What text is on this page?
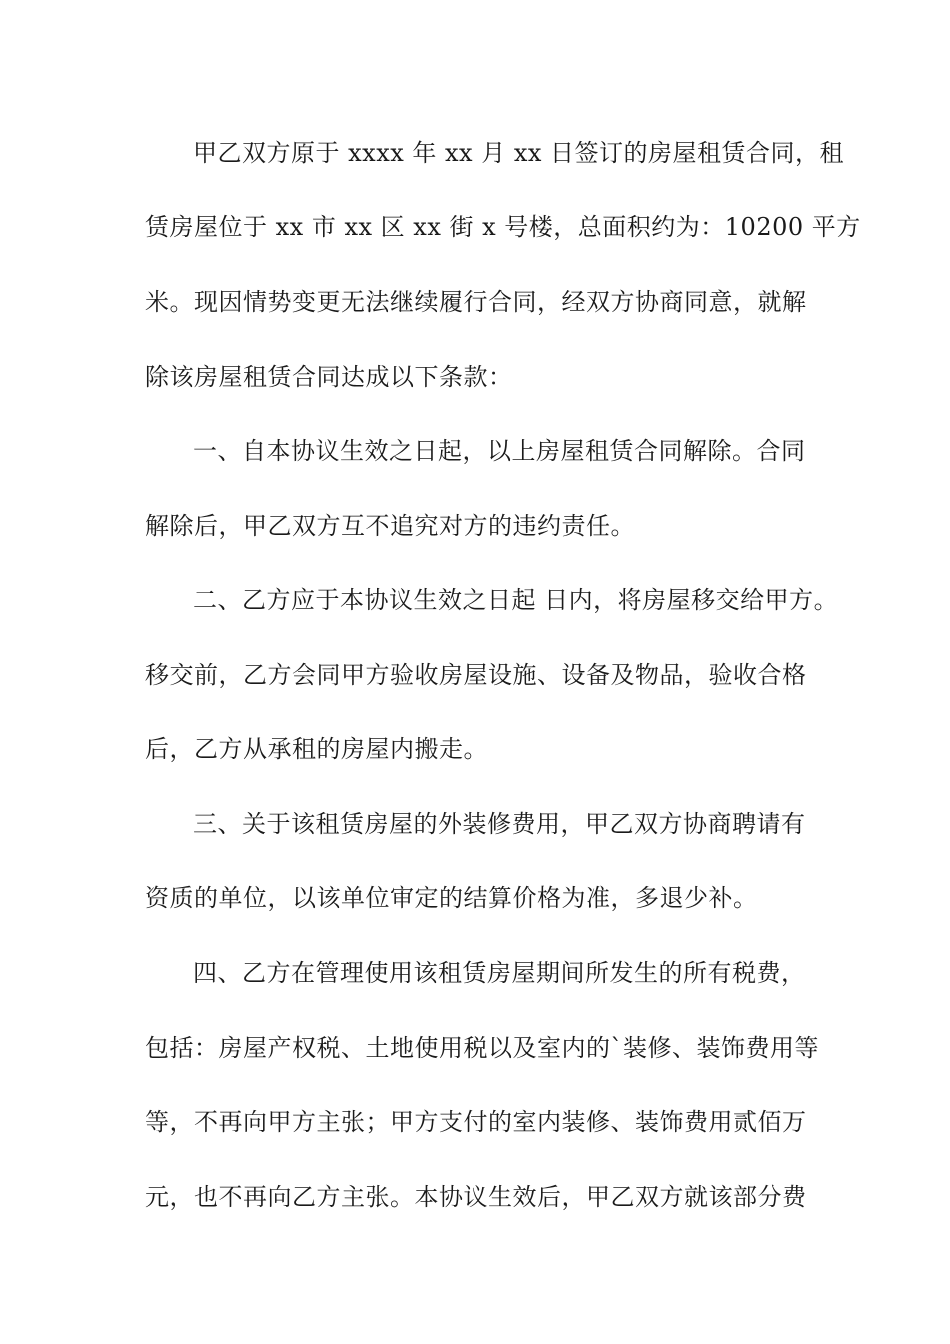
甲乙双方原于 xxxx 年 xx 月 xx 日签订的房屋租赁合同，租
赁房屋位于 xx 市 xx 区 xx 街 x 号楼，总面积约为：10200 平方
米。现因情势变更无法继续履行合同，经双方协商同意，就解
除该房屋租赁合同达成以下条款：
一、自本协议生效之日起，以上房屋租赁合同解除。合同
解除后，甲乙双方互不追究对方的违约责任。
二、乙方应于本协议生效之日起 日内，将房屋移交给甲方。
移交前，乙方会同甲方验收房屋设施、设备及物品，验收合格
后，乙方从承租的房屋内搬走。
三、关于该租赁房屋的外装修费用，甲乙双方协商聘请有
资质的单位，以该单位审定的结算价格为准，多退少补。
四、乙方在管理使用该租赁房屋期间所发生的所有税费，
包括：房屋产权税、土地使用税以及室内的`装修、装饰费用等
等，不再向甲方主张；甲方支付的室内装修、装饰费用贰佰万
元，也不再向乙方主张。本协议生效后，甲乙双方就该部分费
